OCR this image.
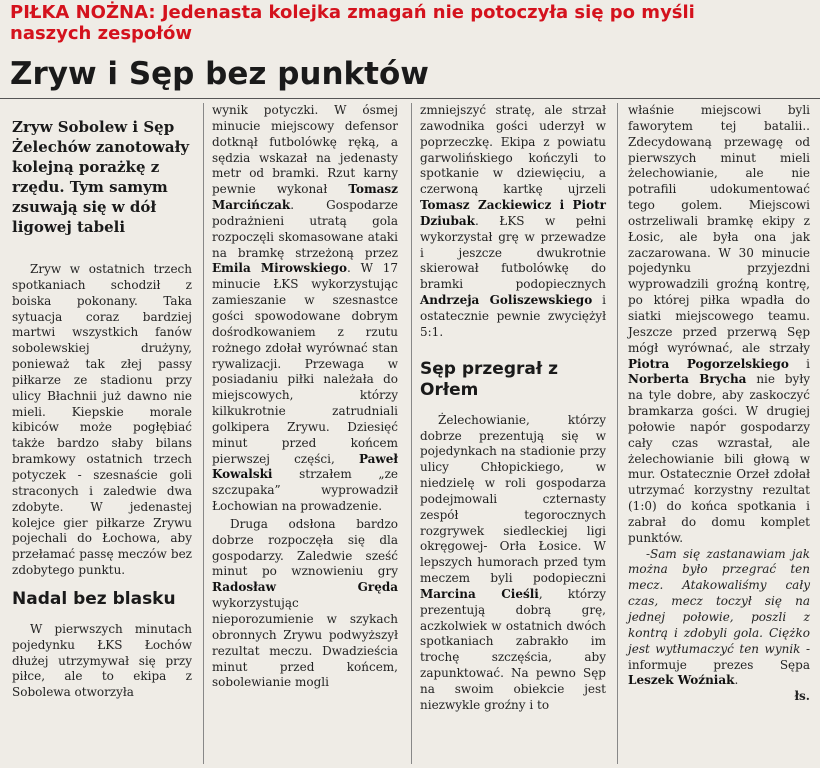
PIŁKA NOŻNA: Jedenasta kolejka zmagań nie potoczyła się po myśli
naszych zespołów
Zryw i Sęp bez punktów
Zryw Sobolew i Sęp Żelechów zanotowały kolejną porażkę z rzędu. Tym samym zsuwają się w dół ligowej tabeli

Zryw w ostatnich trzech spotkaniach schodził z boiska pokonany. Taka sytuacja coraz bardziej martwi wszystkich fanów sobolewskiej drużyny, ponieważ tak złej passy piłkarze ze stadionu przy ulicy Błachnii już dawno nie mieli. Kiepskie morale kibiców może pogłębiać także bardzo słaby bilans bramkowy ostatnich trzech potyczek - szesnaście goli straconych i zaledwie dwa zdobyte. W jedenastej kolejce gier piłkarze Zrywu pojechali do Łochowa, aby przełamać passę meczów bez zdobytego punktu.

Nadal bez blasku

W pierwszych minutach pojedynku ŁKS Łochów dłużej utrzymywał się przy piłce, ale to ekipa z Sobolewa otworzyła

wynik potyczki. W ósmej minucie miejscowy defensor dotknął futbolówkę ręką, a sędzia wskazał na jedenasty metr od bramki. Rzut karny pewnie wykonał Tomasz Marcińczak. Gospodarze podrażnieni utratą gola rozpoczęli skomasowane ataki na bramkę strzeżoną przez Emila Mirowskiego. W 17 minucie ŁKS wykorzystując zamieszanie w szesnastce gości spowodowane dobrym dośrodkowaniem z rzutu rożnego zdołał wyrównać stan rywalizacji. Przewaga w posiadaniu piłki należała do miejscowych, którzy kilkukrotnie zatrudniali golkipera Zrywu. Dziesięć minut przed końcem pierwszej części, Paweł Kowalski strzałem „ze szczupaka” wyprowadził Łochowian na prowadzenie.

Druga odsłona bardzo dobrze rozpoczęła się dla gospodarzy. Zaledwie sześć minut po wznowieniu gry Radosław Gręda wykorzystując nieporozumienie w szykach obronnych Zrywu podwyższył rezultat meczu. Dwadzieścia minut przed końcem, sobolewianie mogli

zmniejszyć stratę, ale strzał zawodnika gości uderzył w poprzeczkę. Ekipa z powiatu garwolińskiego kończyli to spotkanie w dziewięciu, a czerwoną kartkę ujrzeli Tomasz Zackiewicz i Piotr Dziubak. ŁKS w pełni wykorzystał grę w przewadze i jeszcze dwukrotnie skierował futbolówkę do bramki podopiecznych Andrzeja Goliszewskiego i ostatecznie pewnie zwyciężył 5:1.

Sęp przegrał z Orłem

Żelechowianie, którzy dobrze prezentują się w pojedynkach na stadionie przy ulicy Chłopickiego, w niedzielę w roli gospodarza podejmowali czternasty zespół tegorocznych rozgrywek siedleckiej ligi okręgowej- Orła Łosice. W lepszych humorach przed tym meczem byli podopieczni Marcina Cieśli, którzy prezentują dobrą grę, aczkolwiek w ostatnich dwóch spotkaniach zabrakło im trochę szczęścia, aby zapunktować. Na pewno Sęp na swoim obiekcie jest niezwykle groźny i to

właśnie miejscowi byli faworytem tej batalii.. Zdecydowaną przewagę od pierwszych minut mieli żelechowianie, ale nie potrafili udokumentować tego golem. Miejscowi ostrzeliwali bramkę ekipy z Łosic, ale była ona jak zaczarowana. W 30 minucie pojedynku przyjezdni wyprowadzili groźną kontrę, po której piłka wpadła do siatki miejscowego teamu. Jeszcze przed przerwą Sęp mógł wyrównać, ale strzały Piotra Pogorzelskiego i Norberta Brycha nie były na tyle dobre, aby zaskoczyć bramkarza gości. W drugiej połowie napór gospodarzy cały czas wzrastał, ale żelechowianie bili głową w mur. Ostatecznie Orzeł zdołał utrzymać korzystny rezultat (1:0) do końca spotkania i zabrał do domu komplet punktów.

-Sam się zastanawiam jak można było przegrać ten mecz. Atakowaliśmy cały czas, mecz toczył się na jednej połowie, poszli z kontrą i zdobyli gola. Ciężko jest wytłumaczyć ten wynik -informuje prezes Sępa Leszek Woźniak.

łs.
